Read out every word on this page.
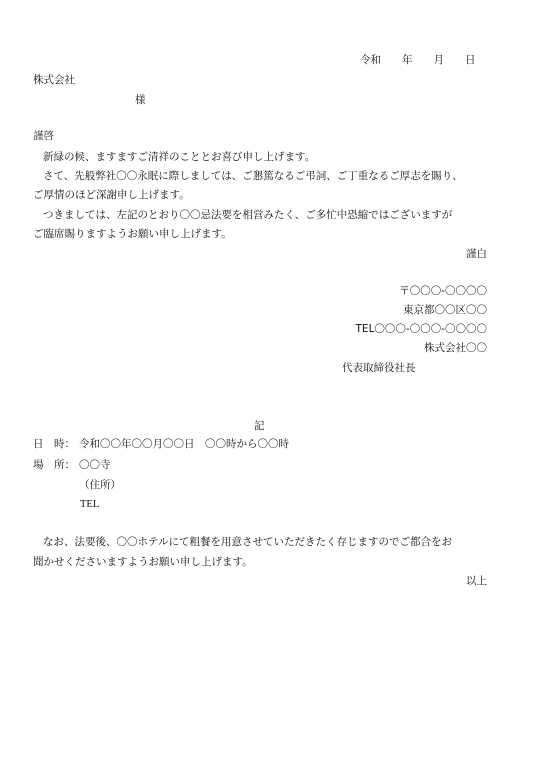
令和　　年　　月　　日

株式会社

様

謹啓

新緑の候、ますますご清祥のこととお喜び申し上げます。

さて、先般弊社〇〇永眠に際しましては、ご懇篤なるご弔詞、ご丁重なるご厚志を賜り、

ご厚情のほど深謝申し上げます。

つきましては、左記のとおり〇〇忌法要を相営みたく、ご多忙中恐縮ではございますが

ご臨席賜りますようお願い申し上げます。

謹白

〒〇〇〇-〇〇〇〇

東京都〇〇区〇〇

TEL〇〇〇-〇〇〇-〇〇〇〇

株式会社〇〇

代表取締役社長

記

日　時： 令和〇〇年〇〇月〇〇日　〇〇時から〇〇時

場　所： 〇〇寺

（住所）

TEL

なお、法要後、〇〇ホテルにて粗餐を用意させていただきたく存じますのでご都合をお

聞かせくださいますようお願い申し上げます。

以上
